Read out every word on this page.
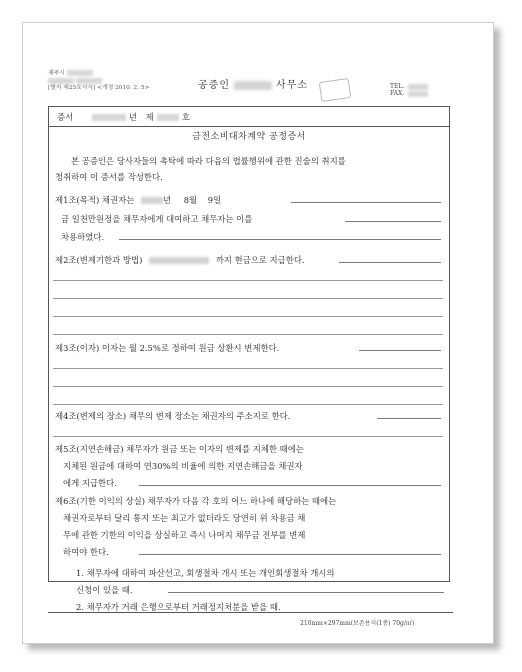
제주시

[별지 제25호서식] <개정 2010. 2. 5>	공증인	사무소	TEL.
FAX.
증서	년 제	호
금전소비대차계약 공정증서
본 공증인은 당사자들의 촉탁에 따라 다음의 법률행위에 관한 진술의 취지를
청취하여 이 증서를 작성한다.
제1조(목적) 채권자는	년 8월 9일
금 일천만원정을 채무자에게 대여하고 채무자는 이를
차용하였다.
제2조(변제기한과 방법)	까지 현금으로 지급한다.
제3조(이자) 이자는 월 2.5%로 정하여 원금 상환시 변제한다.
제4조(변제의 장소) 채무의 변제 장소는 채권자의 주소지로 한다.
제5조(지연손해금) 채무자가 원금 또는 이자의 변제를 지체한 때에는
지체된 원금에 대하여 연30%의 비율에 의한 지연손해금을 채권자
에게 지급한다.
제6조(기한 이익의 상실) 채무자가 다음 각 호의 어느 하나에 해당하는 때에는
채권자로부터 달리 통지 또는 최고가 없더라도 당연히 위 차용금 채
무에 관한 기한의 이익을 상실하고 즉시 나머지 채무금 전부를 변제
하여야 한다.
1. 채무자에 대하여 파산선고, 회생절차 개시 또는 개인회생절차 개시의
신청이 있을 때.
2. 채무자가 거래 은행으로부터 거래정지처분을 받을 때.
210mm×297mm(보존용지(1종) 70g/㎡)
